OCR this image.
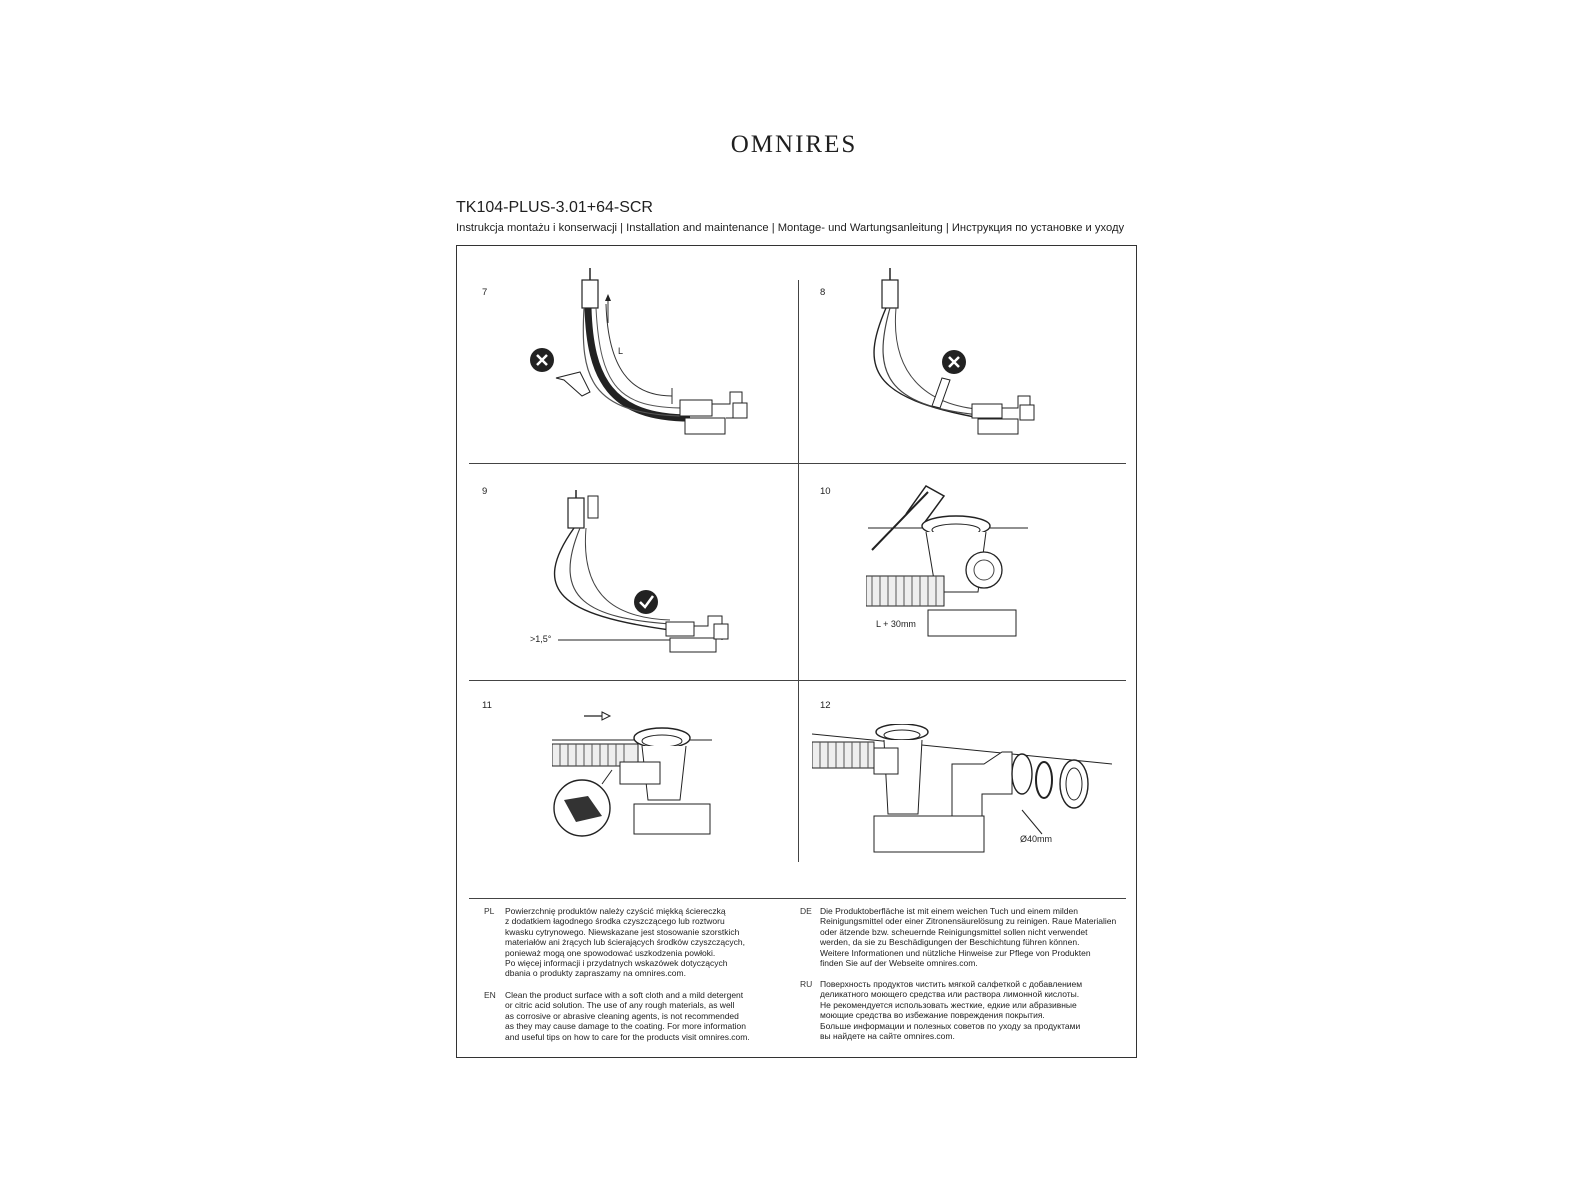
OMNIRES
TK104-PLUS-3.01+64-SCR
Instrukcja montażu i konserwacji | Installation and maintenance | Montage- und Wartungsanleitung | Инструкция по установке и уходу
7	8
9	10
11	12
L
>1,5°
L + 30mm
Ø40mm
PL Powierzchnię produktów należy czyścić miękką ściereczką
z dodatkiem łagodnego środka czyszczącego lub roztworu
kwasku cytrynowego. Niewskazane jest stosowanie szorstkich
materiałów ani żrących lub ścierających środków czyszczących,
ponieważ mogą one spowodować uszkodzenia powłoki.
Po więcej informacji i przydatnych wskazówek dotyczących
dbania o produkty zapraszamy na omnires.com.
EN Clean the product surface with a soft cloth and a mild detergent
or citric acid solution. The use of any rough materials, as well
as corrosive or abrasive cleaning agents, is not recommended
as they may cause damage to the coating. For more information
and useful tips on how to care for the products visit omnires.com.
DE Die Produktoberfläche ist mit einem weichen Tuch und einem milden
Reinigungsmittel oder einer Zitronensäurelösung zu reinigen. Raue Materialien
oder ätzende bzw. scheuernde Reinigungsmittel sollen nicht verwendet
werden, da sie zu Beschädigungen der Beschichtung führen können.
Weitere Informationen und nützliche Hinweise zur Pflege von Produkten
finden Sie auf der Webseite omnires.com.
RU Поверхность продуктов чистить мягкой салфеткой с добавлением
деликатного моющего средства или раствора лимонной кислоты.
Не рекомендуется использовать жесткие, едкие или абразивные
моющие средства во избежание повреждения покрытия.
Больше информации и полезных советов по уходу за продуктами
вы найдете на сайте omnires.com.
